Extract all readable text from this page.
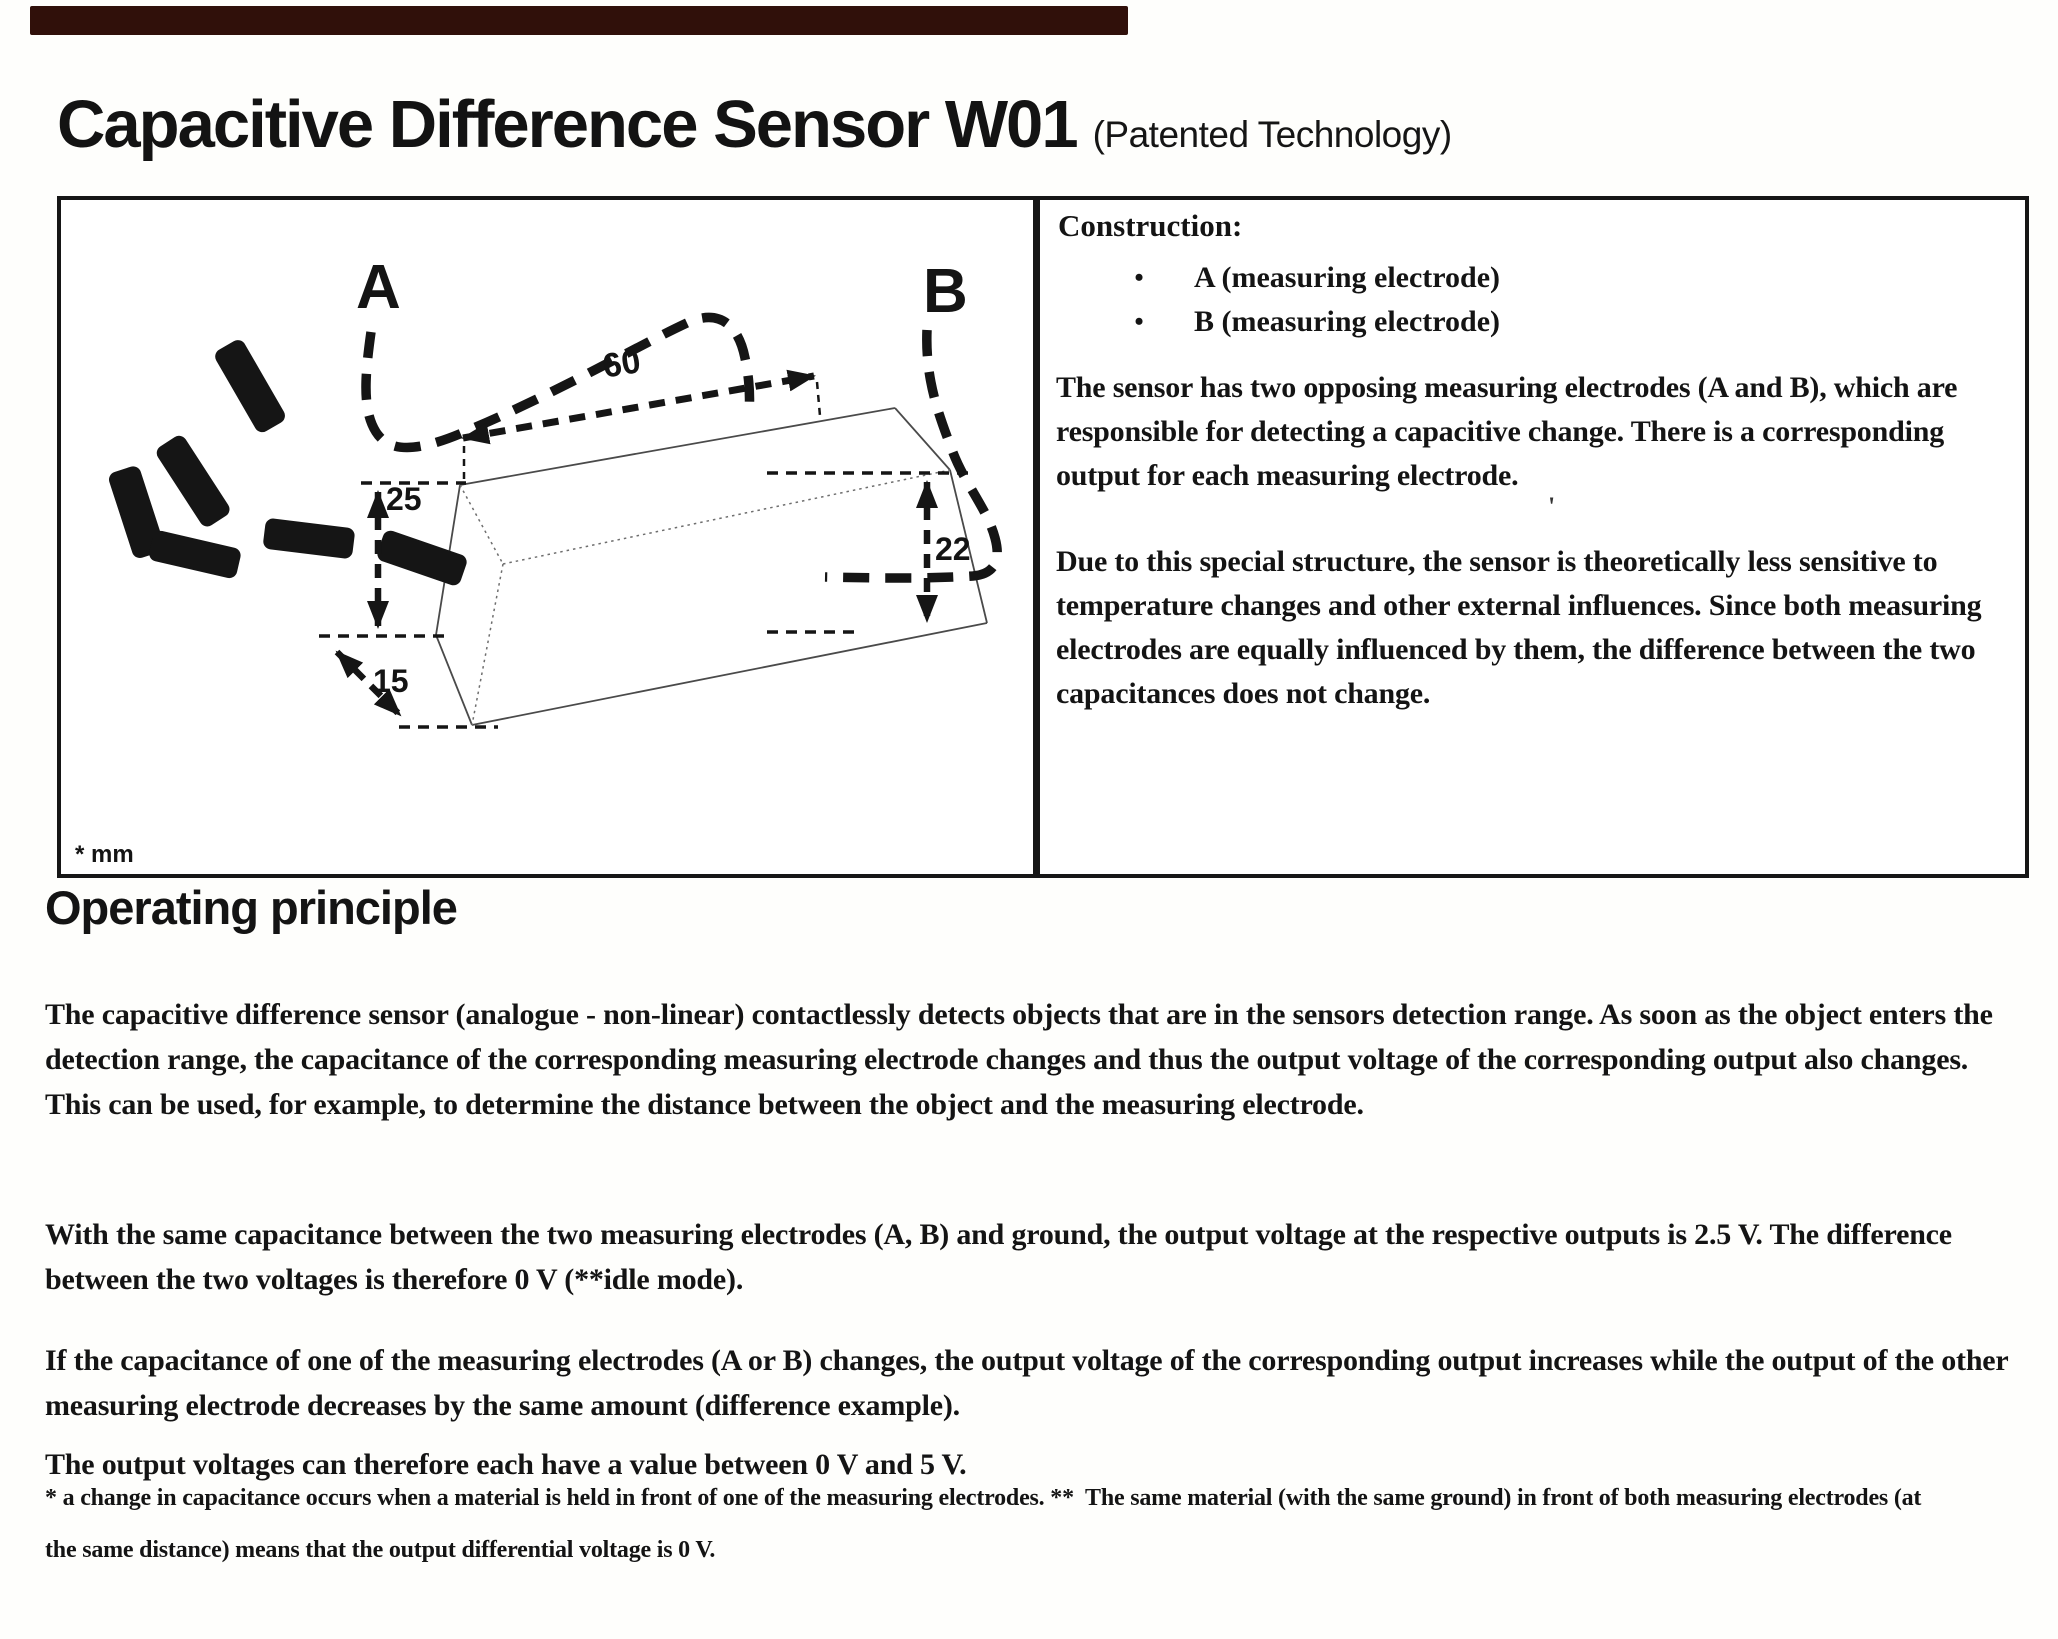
Capacitive Difference Sensor W01 (Patented Technology)
A	B
60
25
15
22
* mm
Construction:
•	A (measuring electrode)
•	B (measuring electrode)
'
The sensor has two opposing measuring electrodes (A and B), which are responsible for detecting a capacitive change. There is a corresponding output for each measuring electrode.
Due to this special structure, the sensor is theoretically less sensitive to temperature changes and other external influences. Since both measuring electrodes are equally influenced by them, the difference between the two capacitances does not change.
Operating principle
The capacitive difference sensor (analogue - non-linear) contactlessly detects objects that are in the sensors detection range. As soon as the object enters the detection range, the capacitance of the corresponding measuring electrode changes and thus the output voltage of the corresponding output also changes. This can be used, for example, to determine the distance between the object and the measuring electrode.
With the same capacitance between the two measuring electrodes (A, B) and ground, the output voltage at the respective outputs is 2.5 V. The difference between the two voltages is therefore 0 V (**idle mode).
If the capacitance of one of the measuring electrodes (A or B) changes, the output voltage of the corresponding output increases while the output of the other measuring electrode decreases by the same amount (difference example).
The output voltages can therefore each have a value between 0 V and 5 V.
* a change in capacitance occurs when a material is held in front of one of the measuring electrodes. **  The same material (with the same ground) in front of both measuring electrodes (at the same distance) means that the output differential voltage is 0 V.
